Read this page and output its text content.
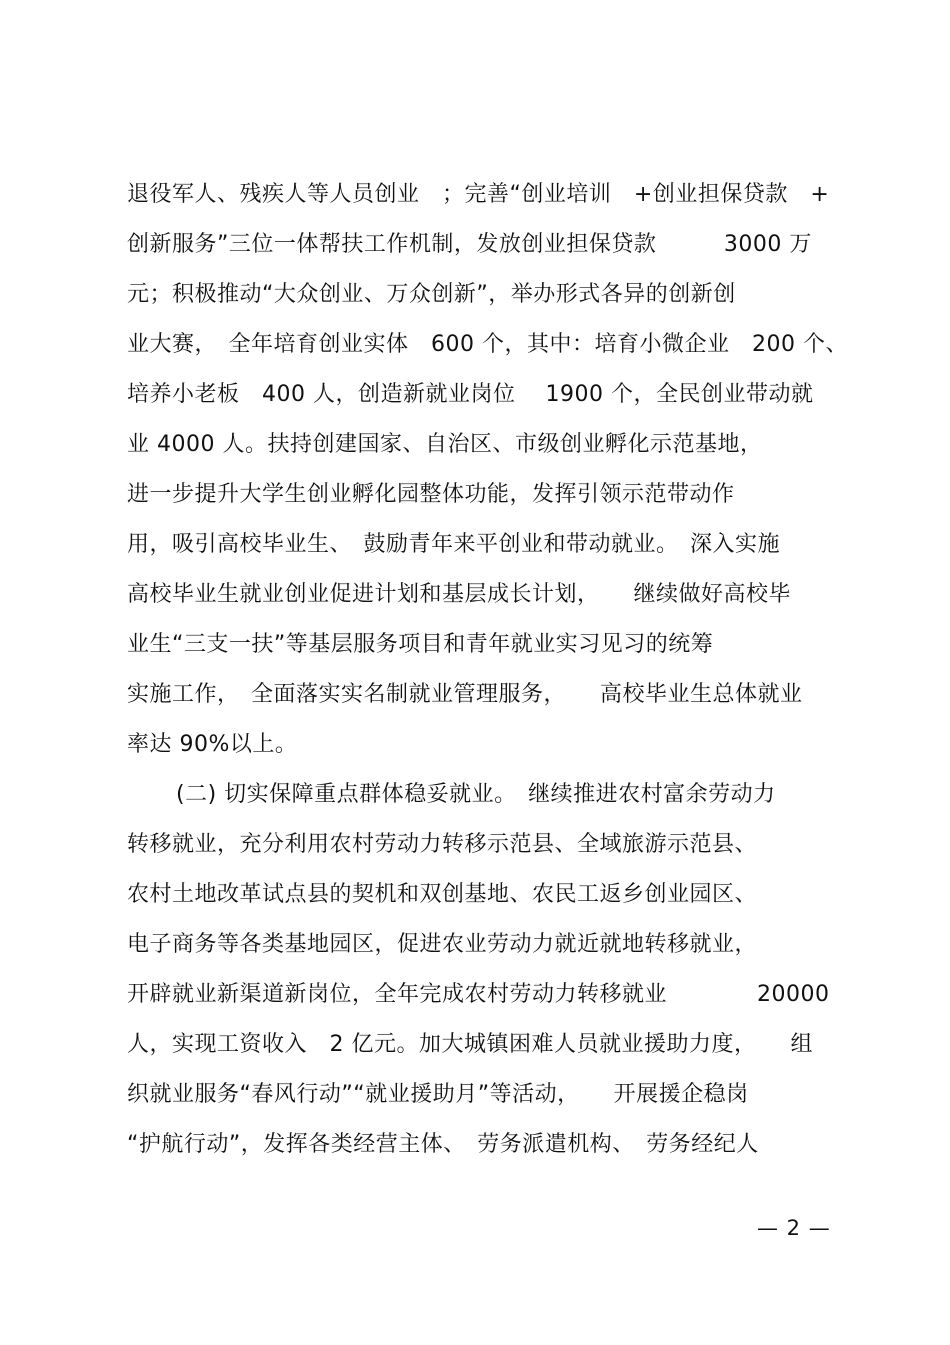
退役军人、残疾人等人员创业　；完善“创业培训　+创业担保贷款　+
创新服务”三位一体帮扶工作机制，发放创业担保贷款　　　3000 万
元；积极推动“大众创业、万众创新”，举办形式各异的创新创
业大赛，　全年培育创业实体　600 个，其中：培育小微企业　200 个、
培养小老板　400 人，创造新就业岗位　 1900 个，全民创业带动就
业 4000 人。扶持创建国家、自治区、市级创业孵化示范基地，
进一步提升大学生创业孵化园整体功能，发挥引领示范带动作
用，吸引高校毕业生、　鼓励青年来平创业和带动就业。　深入实施
高校毕业生就业创业促进计划和基层成长计划，　　继续做好高校毕
业生“三支一扶”等基层服务项目和青年就业实习见习的统筹
实施工作，　全面落实实名制就业管理服务，　　高校毕业生总体就业
率达 90%以上。
(二) 切实保障重点群体稳妥就业。　继续推进农村富余劳动力
转移就业，充分利用农村劳动力转移示范县、全域旅游示范县、
农村土地改革试点县的契机和双创基地、农民工返乡创业园区、
电子商务等各类基地园区，促进农业劳动力就近就地转移就业，
开辟就业新渠道新岗位，全年完成农村劳动力转移就业　　　　20000
人，实现工资收入　2 亿元。加大城镇困难人员就业援助力度，　　组
织就业服务“春风行动”“就业援助月”等活动，　　开展援企稳岗
“护航行动”，发挥各类经营主体、　劳务派遣机构、　劳务经纪人
— 2 —
